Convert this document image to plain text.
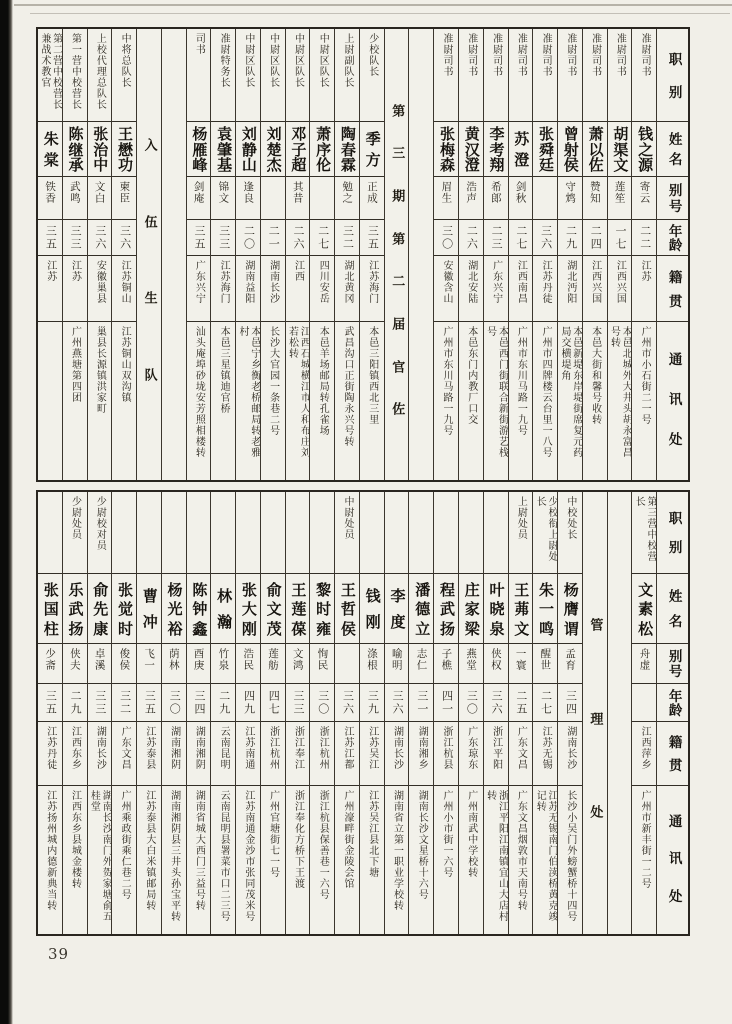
第二营中校营长兼战术教官
朱
棠
铁香
三五
江苏
第一营中校营长
陈
继
承
武鸣
三三
江苏
广州燕塘第四团
上校代理总队长
张
治
中
文白
三六
安徽巢县
巢县长源镇洪家町
中将总队长
王
懋
功
柬臣
三六
江苏铜山
江苏铜山双沟镇
入
伍
生
队
司书
杨
雁
峰
剑庵
三五
广东兴宁
汕头庵埠砂垅安芳照相楼转
准尉特务长
袁
肇
基
锦文
三三
江苏海门
本邑三星镇迪官桥
中尉区队长
刘
静
山
逢良
二〇
湖南益阳
本邑宁乡衡老桥邮局转老雅村
中尉区队长
刘
楚
杰
二一
湖南长沙
长沙大官园一条巷二号
中尉区队长
邓
子
超
其昔
二六
江西
江西石城横江市人和布庄刘若松转
中尉区队长
萧
序
伦
二七
四川安岳
本邑羊场邮局转孔雀场
上尉副队长
陶
春
霖
勉之
三二
湖北黄冈
武昌沟口正街陶永兴号转
少校队长
季
方
正成
三五
江苏海门
本邑三阳镇西北三里
第
三
期
第
二
届
官
佐
准尉司书
张
梅
森
眉生
三〇
安徽含山
广州市东川马路一九号
准尉司书
黄
汉
澄
浩声
二六
湖北安陆
本邑东门内教厂口交
准尉司书
李
考
翔
希郎
二三
广东兴宁
本邑西门街联合新街游艺栈号
准尉司书
苏
澄
剑秋
二七
江西南昌
广州市东川马路一九号
准尉司书
张
舜
廷
三六
江苏丹徒
广州市四牌楼云台里一八号
准尉司书
曾
射
侯
守鸩
二九
湖北沔阳
本邑新堤东岸堤街席复元药局交横堤角
准尉司书
萧
以
佐
赞知
二四
江西兴国
本邑大街和馨号收转
准尉司书
胡
渠
文
莲笙
一七
江西兴国
本邑北城外大井头胡永富昌号转
准尉司书
钱
之
源
寄云
二二
江苏
广州市小石街二一号
职
别
姓
名
别
号
年
龄
籍
贯
通
讯
处
张
国
柱
少斋
三五
江苏丹徒
江苏扬州城内德新典当转
少尉处员
乐
武
扬
侠夫
二九
江西东乡
江西东乡县城金楼转
少尉校对员
俞
先
康
卓溪
三三
湖南长沙
湖南长沙南门外贺家塘俞五桂堂
张
觉
时
俊侯
三二
广东文昌
广州乘政街乘仁巷二号
曹
冲
飞一
三五
江苏泰县
江苏泰县大白米镇邮局转
杨
光
裕
荫林
三〇
湖南湘阴
湖南湘阴县三井头孙宝平转
陈
钟
鑫
酉庚
三四
湖南湘阴
湖南省城大西门三益号转
林
瀚
竹泉
二九
云南昆明
云南昆明县署菜市口二三号
张
大
刚
浩民
四九
江苏南通
江苏南通金沙市张同茂米号
俞
文
茂
莲舫
四七
浙江杭州
广州官塘街七一号
王
莲
葆
文鸿
三三
浙江奉江
浙江奉化方桥下王渡
黎
时
雍
恂民
三〇
浙江杭州
浙江杭县保善巷一六号
中尉处员
王
哲
侯
三六
江苏江都
广州濠畔街金陵会馆
钱
刚
涤根
三九
江苏吴江
江苏吴江县北下塘
李
度
喻明
三六
湖南长沙
湖南省立第一职业学校转
潘
德
立
志仁
三一
湖南湘乡
湖南长沙文星桥十六号
程
武
扬
子樵
四一
浙江杭县
广州小市街一六号
庄
家
梁
燕堂
三〇
广东琼东
广州南武中学校转
叶
晓
泉
侠权
三六
浙江平阳
浙江平阳江南镇宜山大店村转
上尉处员
王
茀
文
一寰
二五
广东文昌
广东文昌烟敦市天南号转
少校衔上尉处长
朱
一
鸣
醒世
二七
江苏无锡
江苏无锡南门伯渎桥黄克竣记转
中校处长
杨
膺
谓
孟育
三四
湖南长沙
长沙小吴门外螃蟹桥十四号
管
理
处
第三营中校营长
文
素
松
舟虚
江西萍乡
广州市新丰街一二号
职
别
姓
名
别
号
年
龄
籍
贯
通
讯
处
39
